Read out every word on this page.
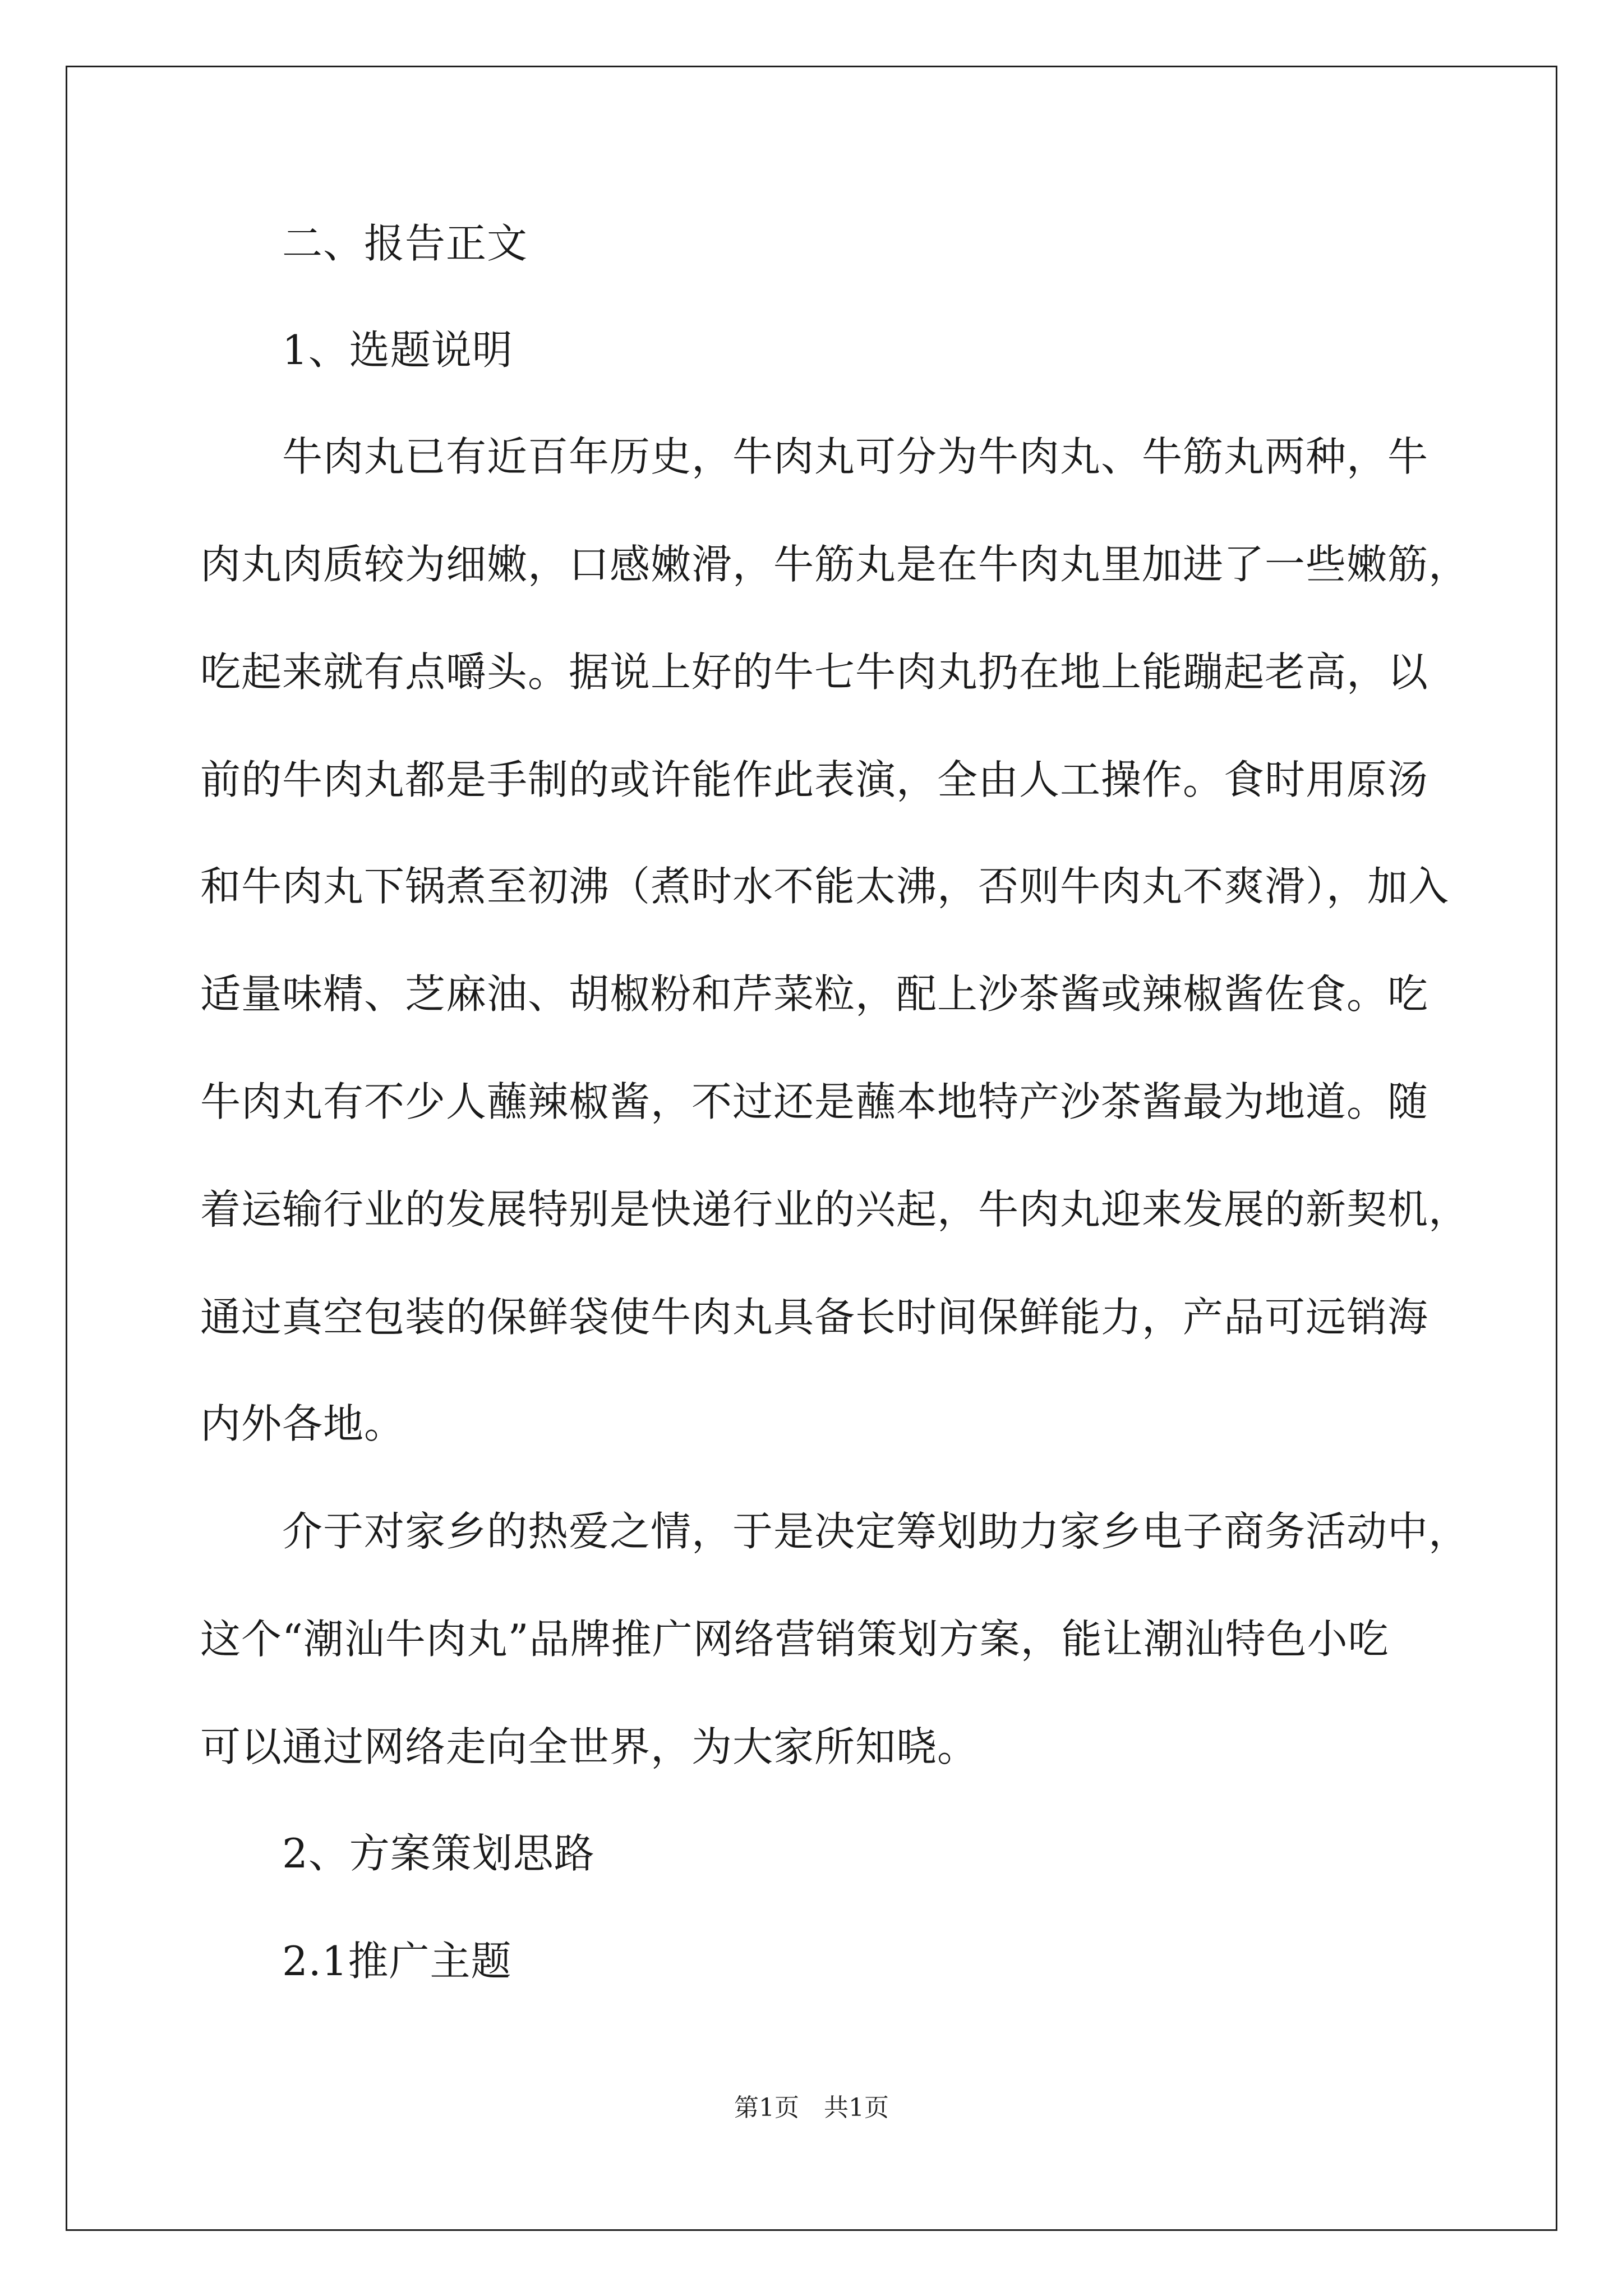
二、报告正文
1、选题说明
牛肉丸已有近百年历史，牛肉丸可分为牛肉丸、牛筋丸两种，牛
肉丸肉质较为细嫩，口感嫩滑，牛筋丸是在牛肉丸里加进了一些嫩筋，
吃起来就有点嚼头。据说上好的牛七牛肉丸扔在地上能蹦起老高，以
前的牛肉丸都是手制的或许能作此表演，全由人工操作。食时用原汤
和牛肉丸下锅煮至初沸（煮时水不能太沸，否则牛肉丸不爽滑），加入
适量味精、芝麻油、胡椒粉和芹菜粒，配上沙茶酱或辣椒酱佐食。吃
牛肉丸有不少人蘸辣椒酱，不过还是蘸本地特产沙茶酱最为地道。随
着运输行业的发展特别是快递行业的兴起，牛肉丸迎来发展的新契机，
通过真空包装的保鲜袋使牛肉丸具备长时间保鲜能力，产品可远销海
内外各地。
介于对家乡的热爱之情，于是决定筹划助力家乡电子商务活动中，
这个“潮汕牛肉丸”品牌推广网络营销策划方案，能让潮汕特色小吃
可以通过网络走向全世界，为大家所知晓。
2、方案策划思路
2.1推广主题
第1页　共1页
